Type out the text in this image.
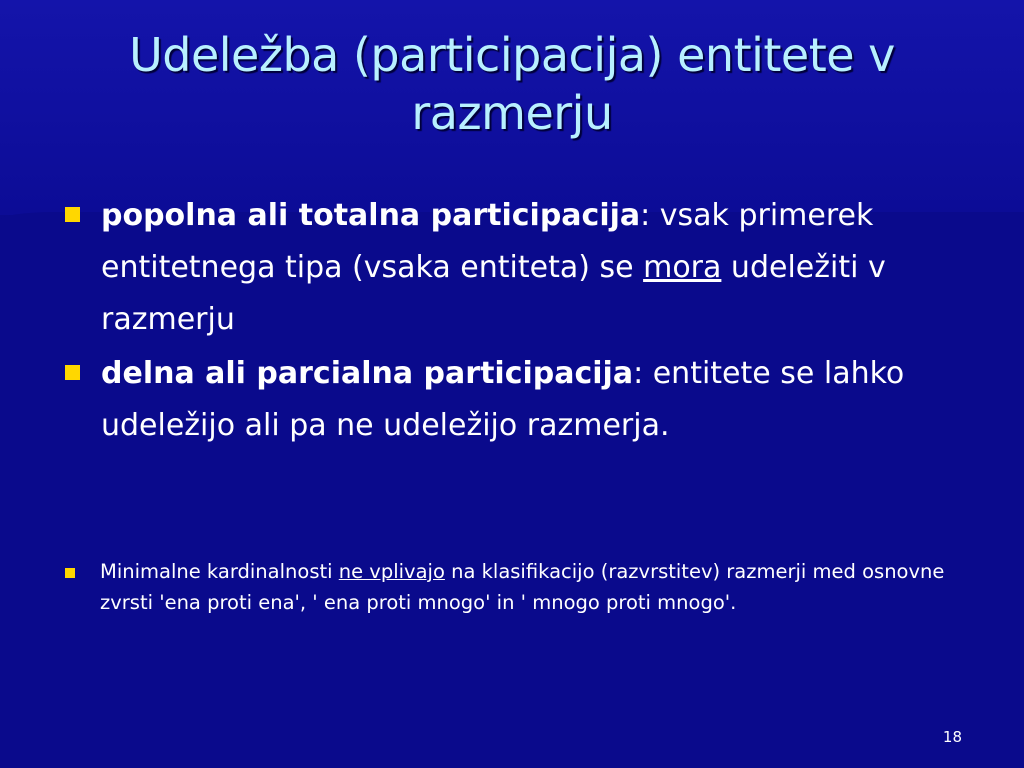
Udeležba (participacija) entitete v razmerju
popolna ali totalna participacija: vsak primerek entitetnega tipa (vsaka entiteta) se mora udeležiti v razmerju
delna ali parcialna participacija: entitete se lahko udeležijo ali pa ne udeležijo razmerja.
Minimalne kardinalnosti ne vplivajo na klasifikacijo (razvrstitev) razmerji med osnovne zvrsti 'ena proti ena', ' ena proti mnogo' in ' mnogo proti mnogo'.
18
